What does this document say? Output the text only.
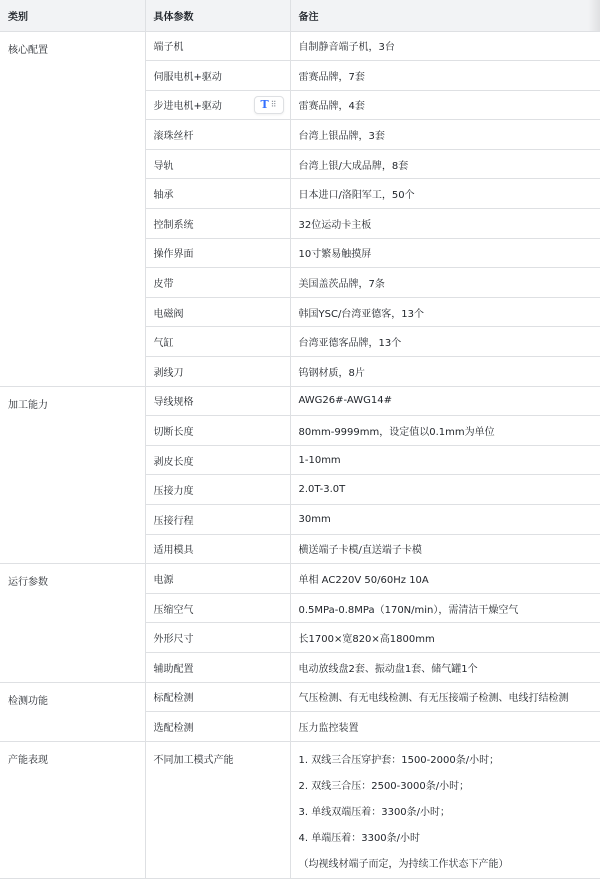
类别	具体参数	备注
核心配置	端子机	自制静音端子机，3台
	伺服电机+驱动	雷赛品牌，7套
	步进电机+驱动 T ⠿	雷赛品牌，4套
	滚珠丝杆	台湾上银品牌，3套
	导轨	台湾上银/大成品牌，8套
	轴承	日本进口/洛阳军工，50个
	控制系统	32位运动卡主板
	操作界面	10寸繁易触摸屏
	皮带	美国盖茨品牌，7条
	电磁阀	韩国YSC/台湾亚德客，13个
	气缸	台湾亚德客品牌，13个
	剥线刀	钨钢材质，8片
加工能力	导线规格	AWG26#-AWG14#
	切断长度	80mm-9999mm，设定值以0.1mm为单位
	剥皮长度	1-10mm
	压接力度	2.0T-3.0T
	压接行程	30mm
	适用模具	横送端子卡模/直送端子卡模
运行参数	电源	单相 AC220V 50/60Hz 10A
	压缩空气	0.5MPa-0.8MPa（170N/min），需清洁干燥空气
	外形尺寸	长1700×宽820×高1800mm
	辅助配置	电动放线盘2套、振动盘1套、储气罐1个
检测功能	标配检测	气压检测、有无电线检测、有无压接端子检测、电线打结检测
	选配检测	压力监控装置
产能表现	不同加工模式产能	1. 双线三合压穿护套：1500-2000条/小时；
2. 双线三合压：2500-3000条/小时；
3. 单线双端压着：3300条/小时；
4. 单端压着：3300条/小时
（均视线材端子而定，为持续工作状态下产能）
